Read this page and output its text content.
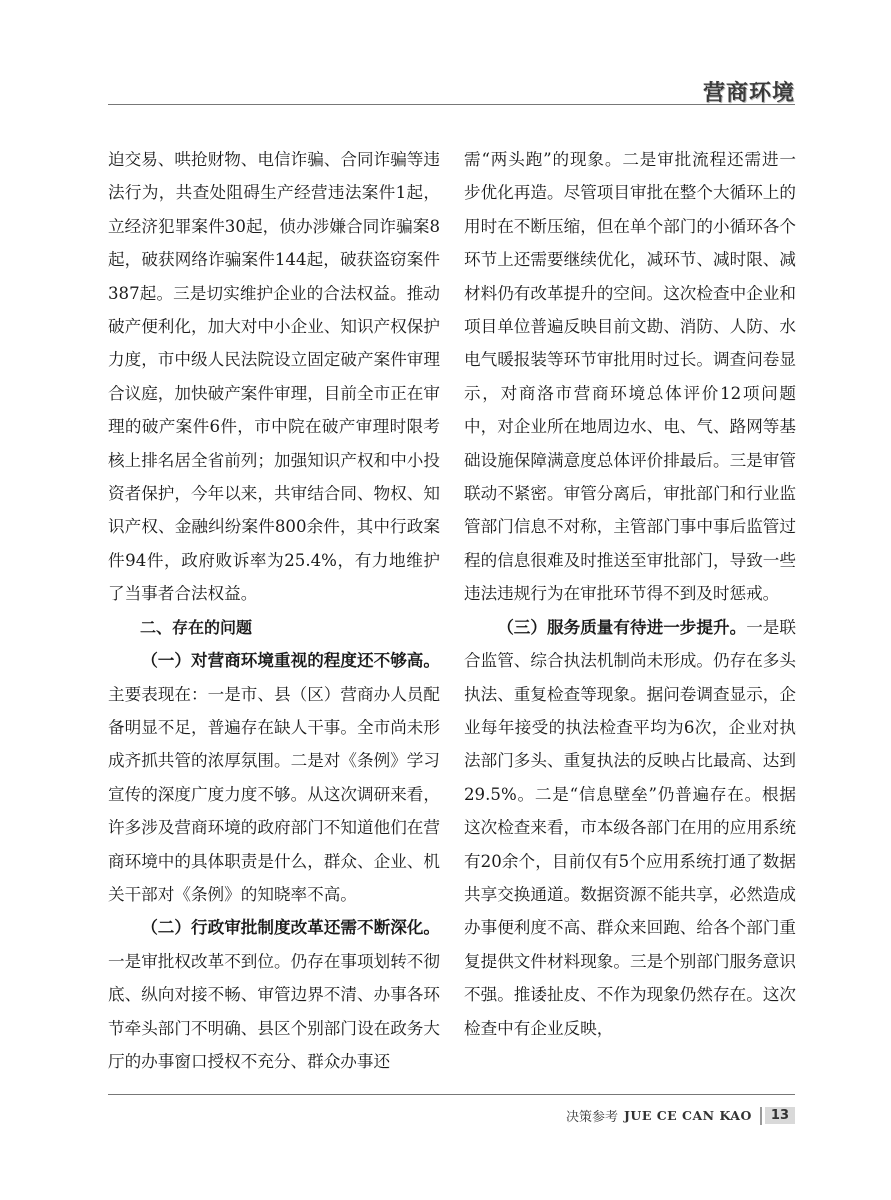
营商环境

迫交易、哄抢财物、电信诈骗、合同诈骗等违法行为，共查处阻碍生产经营违法案件1起，立经济犯罪案件30起，侦办涉嫌合同诈骗案8起，破获网络诈骗案件144起，破获盗窃案件387起。三是切实维护企业的合法权益。推动破产便利化，加大对中小企业、知识产权保护力度，市中级人民法院设立固定破产案件审理合议庭，加快破产案件审理，目前全市正在审理的破产案件6件，市中院在破产审理时限考核上排名居全省前列；加强知识产权和中小投资者保护，今年以来，共审结合同、物权、知识产权、金融纠纷案件800余件，其中行政案件94件，政府败诉率为25.4%，有力地维护了当事者合法权益。

二、存在的问题

（一）对营商环境重视的程度还不够高。主要表现在：一是市、县（区）营商办人员配备明显不足，普遍存在缺人干事。全市尚未形成齐抓共管的浓厚氛围。二是对《条例》学习宣传的深度广度力度不够。从这次调研来看，许多涉及营商环境的政府部门不知道他们在营商环境中的具体职责是什么，群众、企业、机关干部对《条例》的知晓率不高。

（二）行政审批制度改革还需不断深化。一是审批权改革不到位。仍存在事项划转不彻底、纵向对接不畅、审管边界不清、办事各环节牵头部门不明确、县区个别部门设在政务大厅的办事窗口授权不充分、群众办事还

需“两头跑”的现象。二是审批流程还需进一步优化再造。尽管项目审批在整个大循环上的用时在不断压缩，但在单个部门的小循环各个环节上还需要继续优化，减环节、减时限、减材料仍有改革提升的空间。这次检查中企业和项目单位普遍反映目前文勘、消防、人防、水电气暖报装等环节审批用时过长。调查问卷显示，对商洛市营商环境总体评价12项问题中，对企业所在地周边水、电、气、路网等基础设施保障满意度总体评价排最后。三是审管联动不紧密。审管分离后，审批部门和行业监管部门信息不对称，主管部门事中事后监管过程的信息很难及时推送至审批部门，导致一些违法违规行为在审批环节得不到及时惩戒。

（三）服务质量有待进一步提升。一是联合监管、综合执法机制尚未形成。仍存在多头执法、重复检查等现象。据问卷调查显示，企业每年接受的执法检查平均为6次，企业对执法部门多头、重复执法的反映占比最高、达到29.5%。二是“信息壁垒”仍普遍存在。根据这次检查来看，市本级各部门在用的应用系统有20余个，目前仅有5个应用系统打通了数据共享交换通道。数据资源不能共享，必然造成办事便利度不高、群众来回跑、给各个部门重复提供文件材料现象。三是个别部门服务意识不强。推诿扯皮、不作为现象仍然存在。这次检查中有企业反映，

决策参考 JUE CE CAN KAO	13
